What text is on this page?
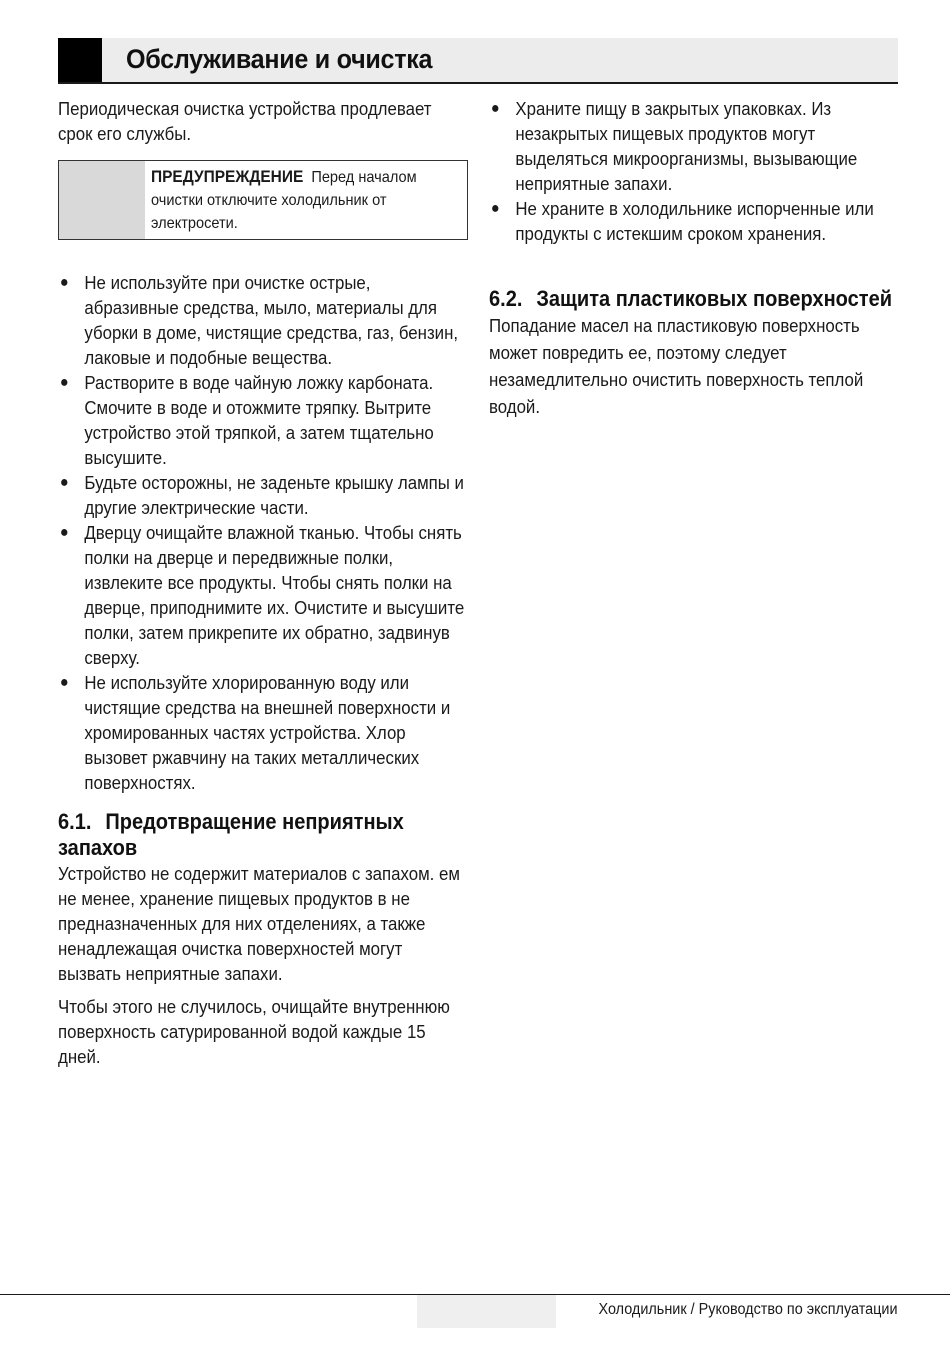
Обслуживание и очистка

Периодическая очистка устройства продлевает срок его службы.

ПРЕДУПРЕЖДЕНИЕ Перед началом очистки отключите холодильник от электросети.
● Не используйте при очистке острые, абразивные средства, мыло, материалы для уборки в доме, чистящие средства, газ, бензин, лаковые и подобные вещества.
● Растворите в воде чайную ложку карбоната. Смочите в воде и отожмите тряпку. Вытрите устройство этой тряпкой, а затем тщательно высушите.
● Будьте осторожны, не заденьте крышку лампы и другие электрические части.
● Дверцу очищайте влажной тканью. Чтобы снять полки на дверце и передвижные полки, извлеките все продукты. Чтобы снять полки на дверце, приподнимите их. Очистите и высушите полки, затем прикрепите их обратно, задвинув сверху.
● Не используйте хлорированную воду или чистящие средства на внешней поверхности и хромированных частях устройства. Хлор вызовет ржавчину на таких металлических поверхностях.
6.1. Предотвращение неприятных запахов

Устройство не содержит материалов с запахом. ем не менее, хранение пищевых продуктов в не предназначенных для них отделениях, а также ненадлежащая очистка поверхностей могут вызвать неприятные запахи.

Чтобы этого не случилось, очищайте внутреннюю поверхность сатурированной водой каждые 15 дней.

● Храните пищу в закрытых упаковках. Из незакрытых пищевых продуктов могут выделяться микроорганизмы, вызывающие неприятные запахи.
● Не храните в холодильнике испорченные или продукты с истекшим сроком хранения.
6.2. Защита пластиковых поверхностей

Попадание масел на пластиковую поверхность может повредить ее, поэтому следует незамедлительно очистить поверхность теплой водой.

Холодильник / Руководство по эксплуатации
